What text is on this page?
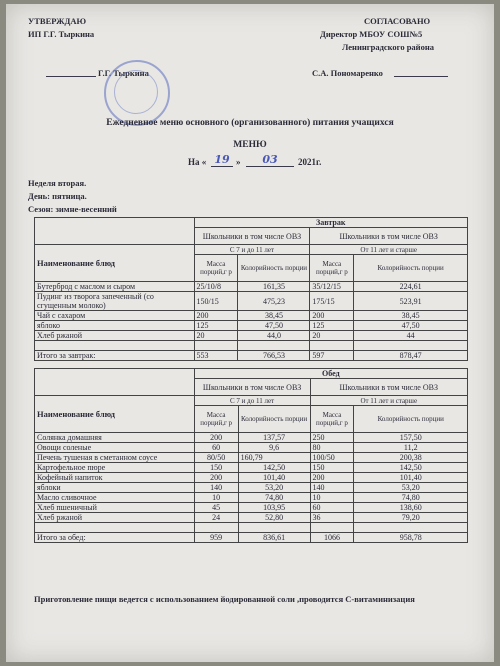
УТВЕРЖДАЮ
ИП Г.Г. Тыркина
СОГЛАСОВАНО
Директор МБОУ СОШ№5
Ленинградского района
Г.Г. Тыркина	С.А. Пономаренко
Ежедневное меню основного (организованного) питания учащихся
МЕНЮ
На « 19 »	03	2021г.
Неделя вторая.
День: пятница.
Сезон: зимне-весенний
	Завтрак			
	Школьники в том числе ОВЗ		Школьники в том числе ОВЗ	
Наименование блюд	С 7 и до 11 лет		От 11 лет и старше	
	Масса порций,г р	Колорийность порции	Масса порций,г р	Колорийность порции
Бутерброд с маслом и сыром	25/10/8	161,35	35/12/15	224,61
Пудинг из творога запеченный (со сгущенным молоко)	150/15	475,23	175/15	523,91
Чай с сахаром	200	38,45	200	38,45
яблоко	125	47,50	125	47,50
Хлеб ржаной	20	44,0	20	44

Итого за завтрак:	553	766,53	597	878,47
	Обед			
	Школьники в том числе ОВЗ		Школьники в том числе ОВЗ	
Наименование блюд	С 7 и до 11 лет		От 11 лет и старше	
	Масса порций,г р	Колорийность порции	Масса порций,г р	Колорийность порции
Солянка домашняя	200	137,57	250	157,50
Овощи соленые	60	9,6	80	11,2
Печень тушеная в сметанном соусе	80/50	160,79	100/50	200,38
Картофельное пюре	150	142,50	150	142,50
Кофейный напиток	200	101,40	200	101,40
яблоки	140	53,20	140	53,20
Масло сливочное	10	74,80	10	74,80
Хлеб пшеничный	45	103,95	60	138,60
Хлеб ржаной	24	52,80	36	79,20

Итого за обед:	959	836,61	1066	958,78
Приготовление пищи ведется с использованием йодированной соли ,проводится С-витаминизация
